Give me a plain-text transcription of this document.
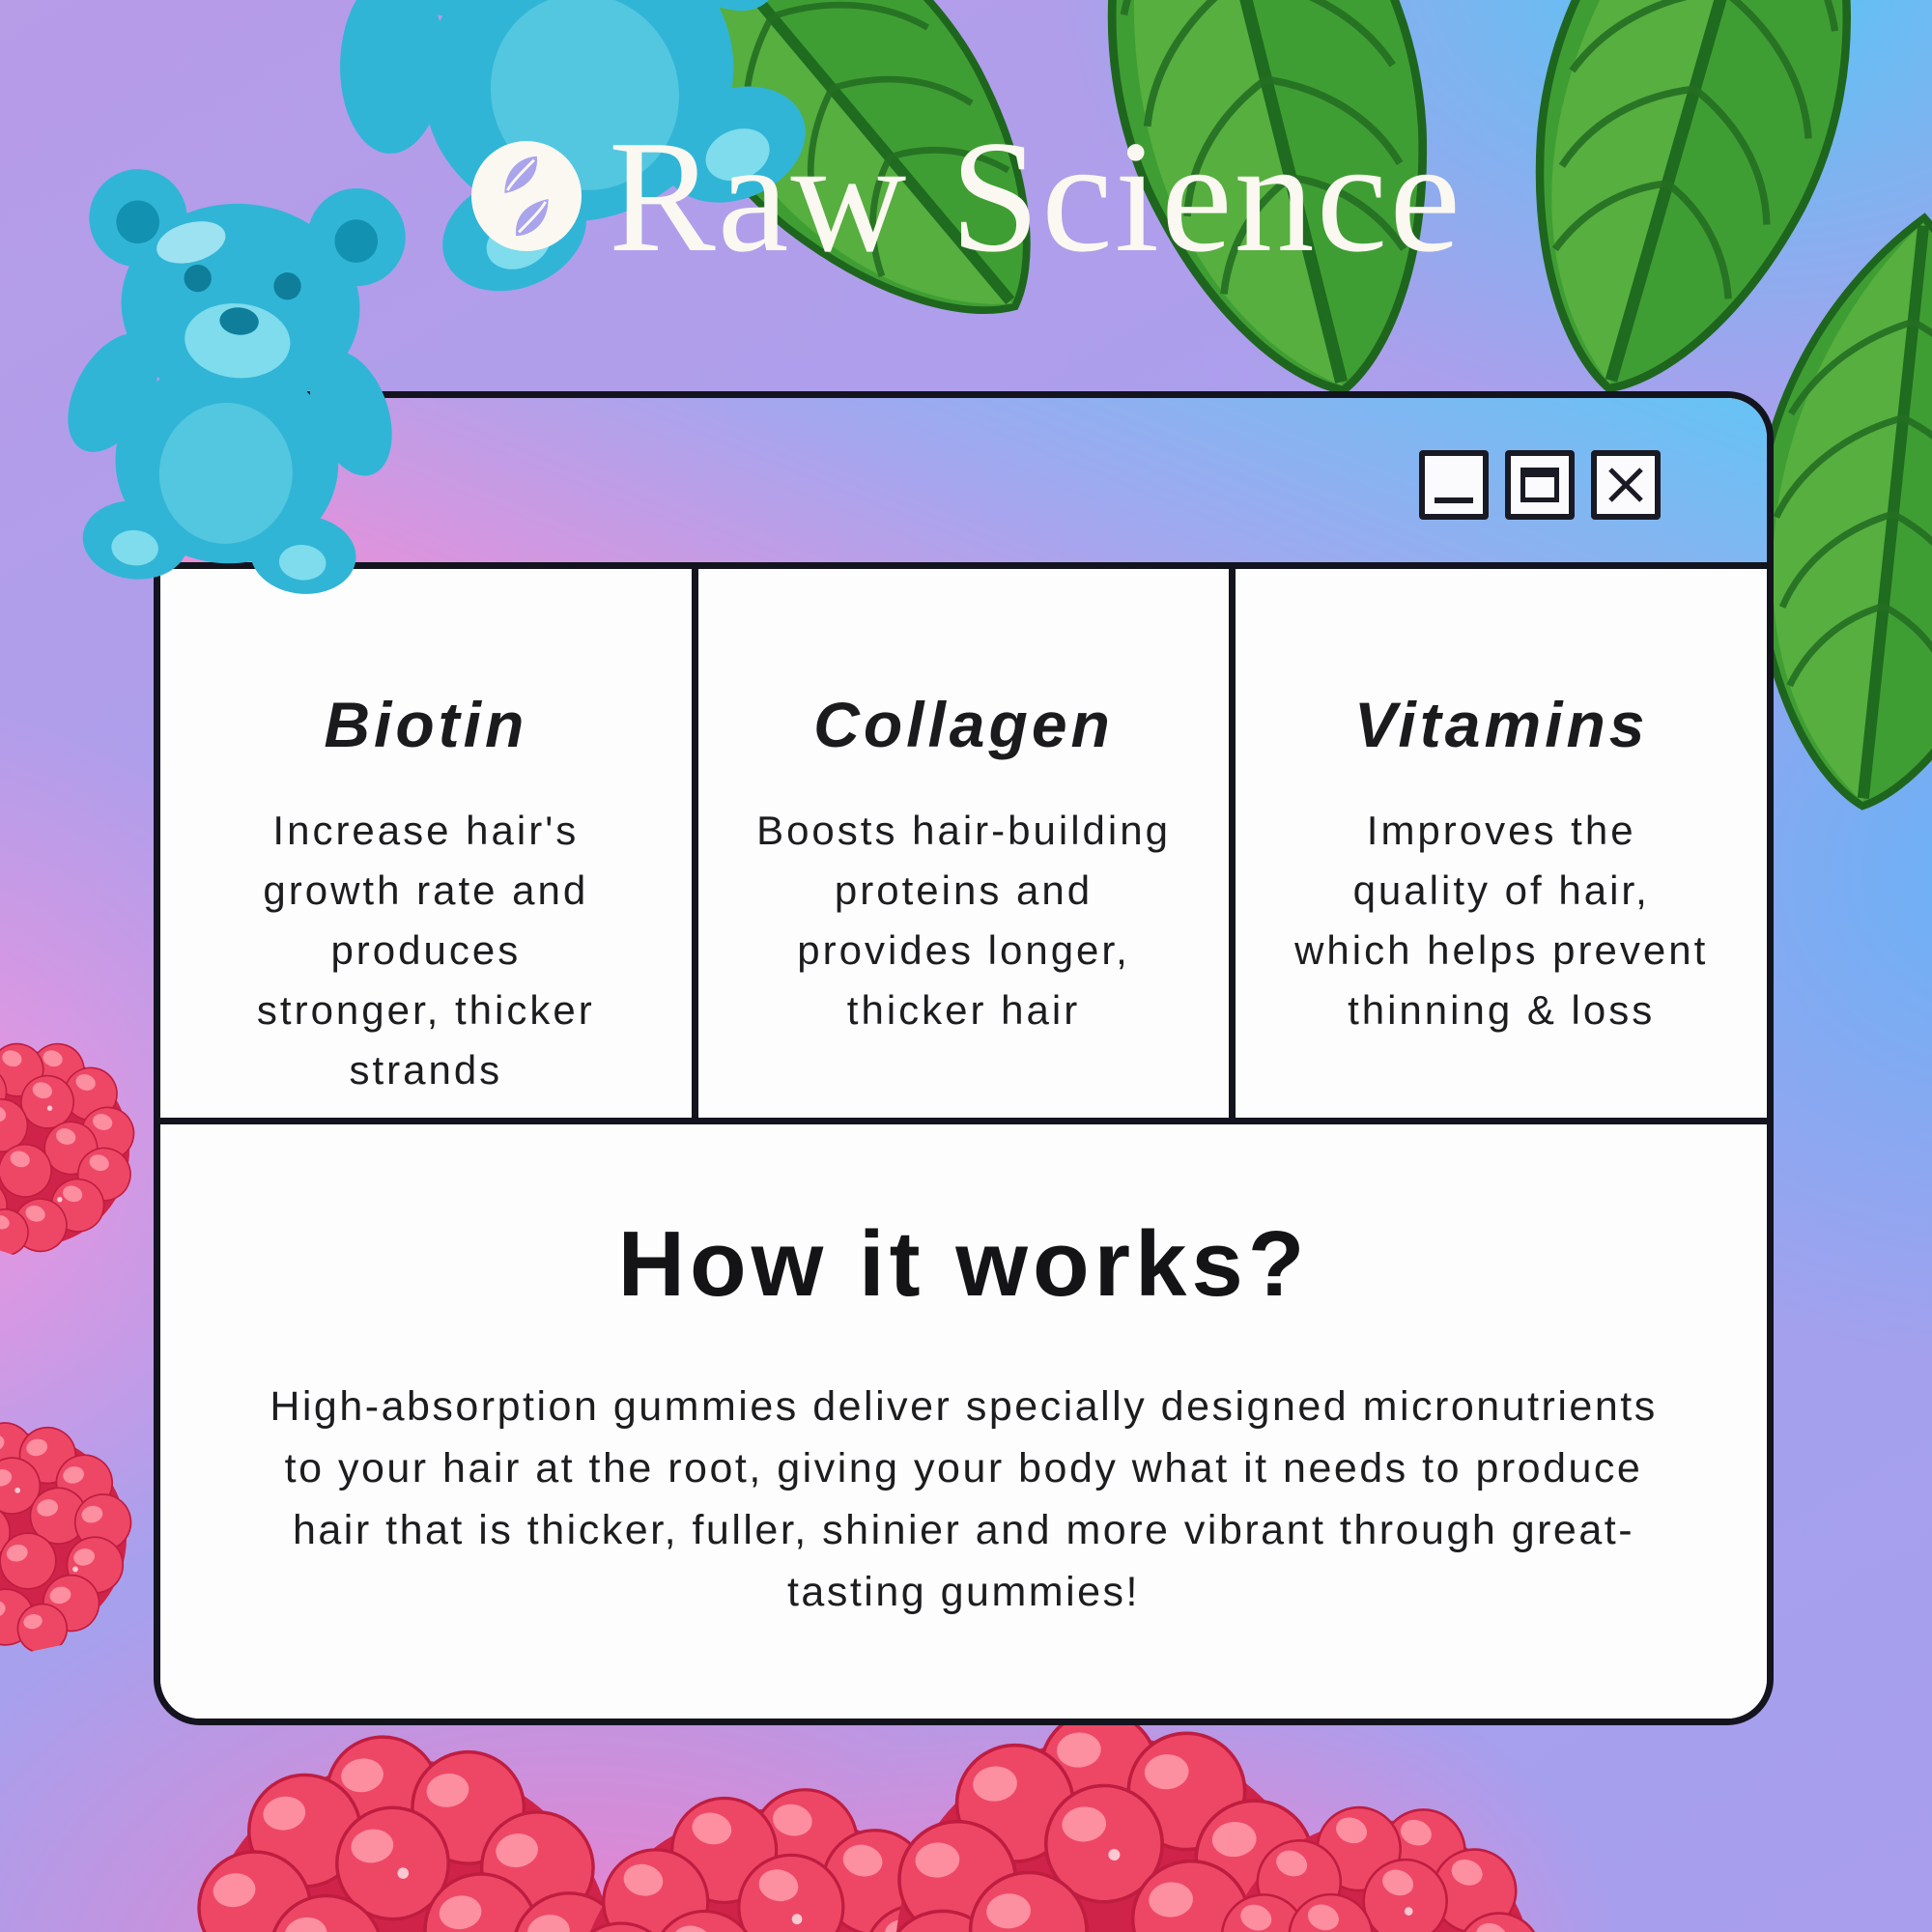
Biotin

Increase hair's growth rate and produces stronger, thicker strands

Collagen

Boosts hair-building proteins and provides longer, thicker hair

Vitamins

Improves the quality of hair, which helps prevent thinning & loss

How it works?

High-absorption gummies deliver specially designed micronutrients to your hair at the root, giving your body what it needs to produce hair that is thicker, fuller, shinier and more vibrant through great-tasting gummies!

Raw Science
